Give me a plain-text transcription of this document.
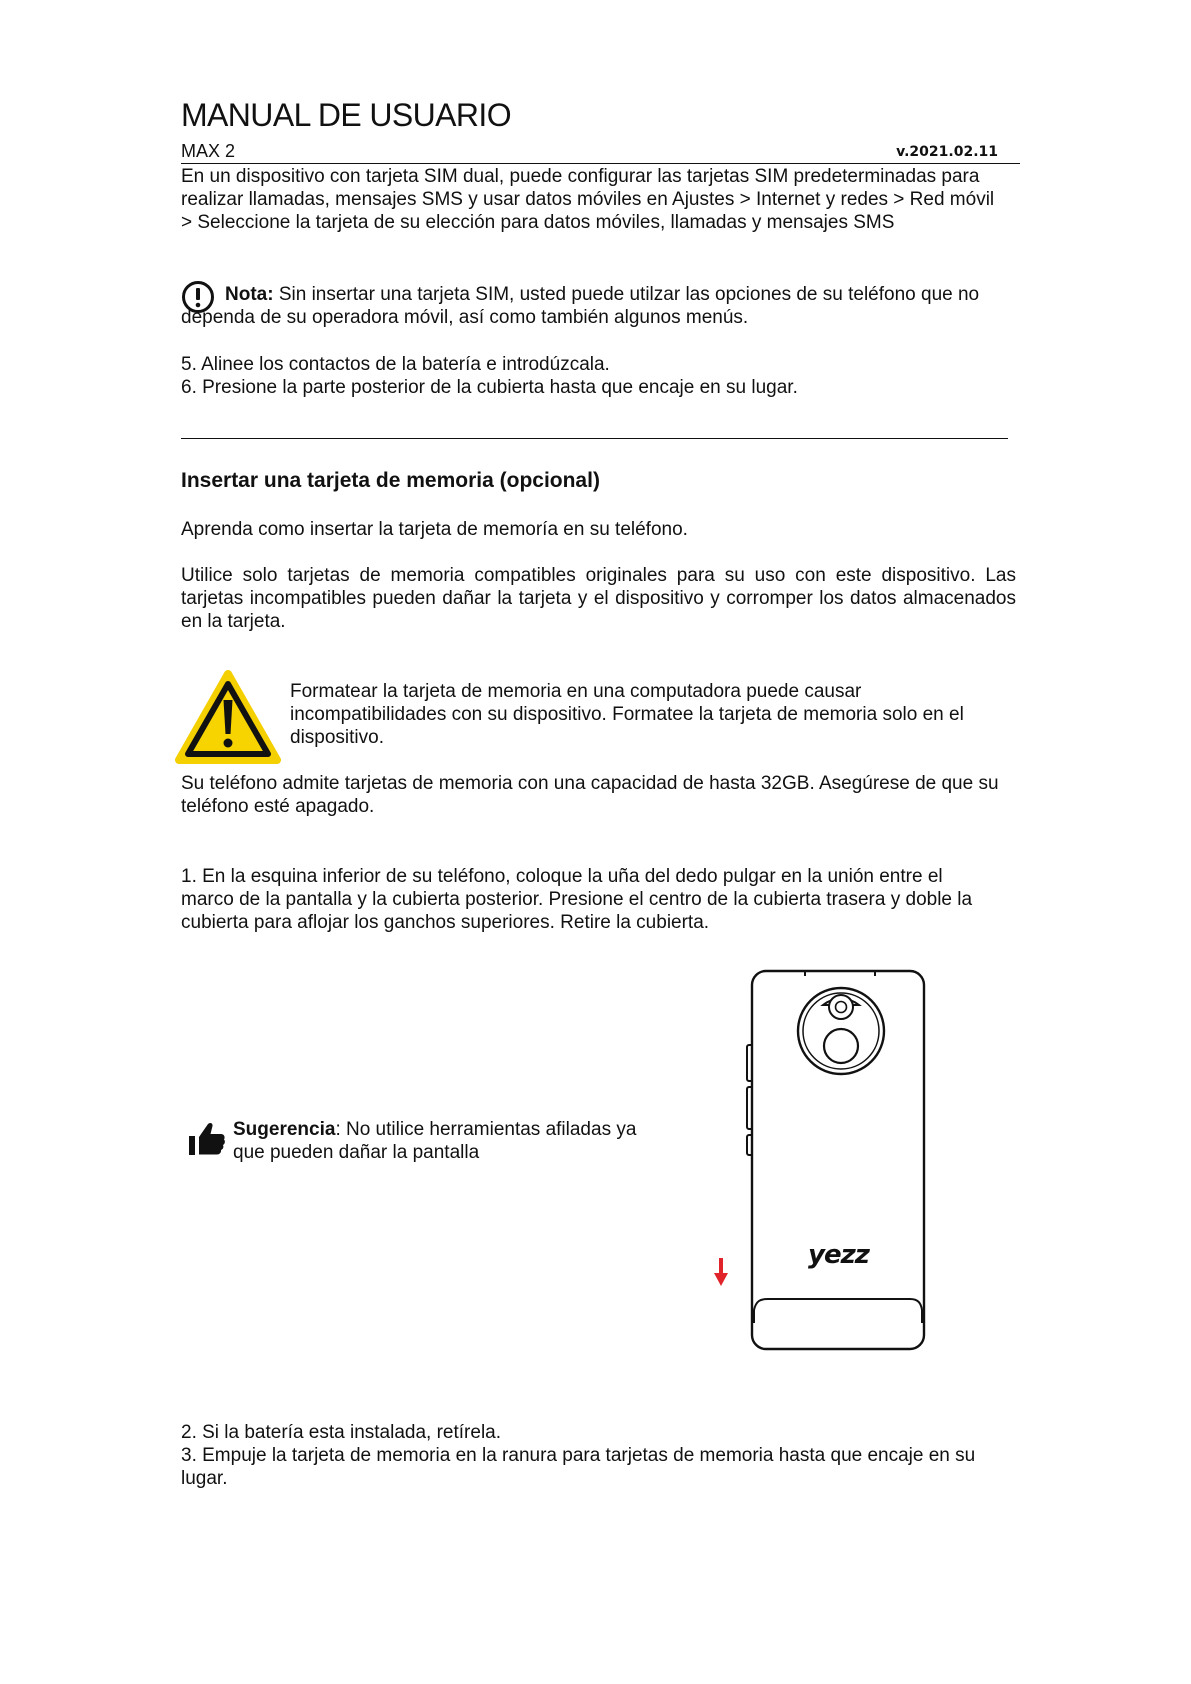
MANUAL DE USUARIO
MAX 2	v.2021.02.11

En un dispositivo con tarjeta SIM dual, puede configurar las tarjetas SIM predeterminadas para realizar llamadas, mensajes SMS y usar datos móviles en Ajustes > Internet y redes > Red móvil > Seleccione la tarjeta de su elección para datos móviles, llamadas y mensajes SMS

Nota: Sin insertar una tarjeta SIM, usted puede utilzar las opciones de su teléfono que no dependa de su operadora móvil, así como también algunos menús.

5. Alinee los contactos de la batería e introdúzcala.

6. Presione la parte posterior de la cubierta hasta que encaje en su lugar.

Insertar una tarjeta de memoria (opcional)

Aprenda como insertar la tarjeta de memoría en su teléfono.

Utilice solo tarjetas de memoria compatibles originales para su uso con este dispositivo. Las tarjetas incompatibles pueden dañar la tarjeta y el dispositivo y corromper los datos almacenados en la tarjeta.

Formatear la tarjeta de memoria en una computadora puede causar incompatibilidades con su dispositivo. Formatee la tarjeta de memoria solo en el dispositivo.

Su teléfono admite tarjetas de memoria con una capacidad de hasta 32GB. Asegúrese de que su teléfono esté apagado.

1. En la esquina inferior de su teléfono, coloque la uña del dedo pulgar en la unión entre el marco de la pantalla y la cubierta posterior. Presione el centro de la cubierta trasera y doble la cubierta para aflojar los ganchos superiores. Retire la cubierta.

Sugerencia: No utilice herramientas afiladas ya que pueden dañar la pantalla

yezz

2. Si la batería esta instalada, retírela.

3. Empuje la tarjeta de memoria en la ranura para tarjetas de memoria hasta que encaje en su lugar.
